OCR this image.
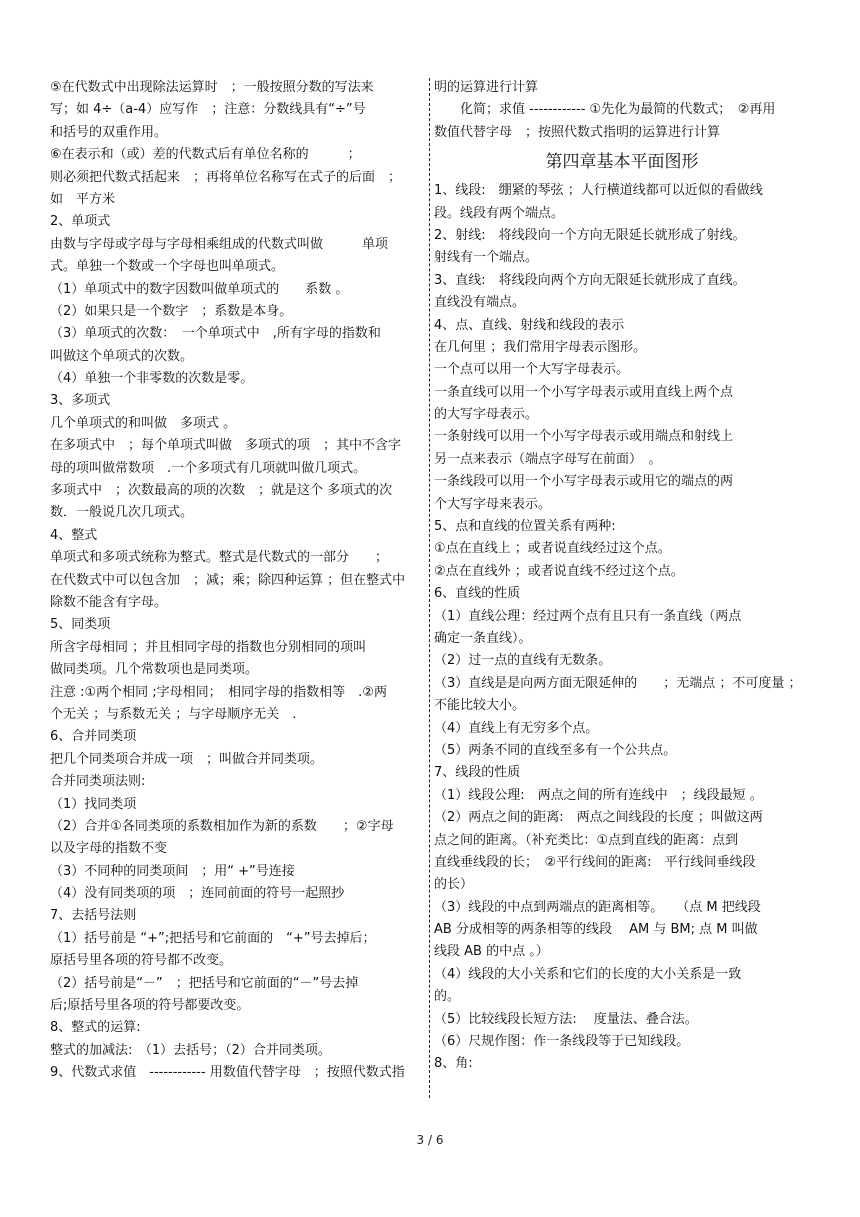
⑤在代数式中出现除法运算时　；一般按照分数的写法来
写；如 4÷（a-4）应写作　；注意：分数线具有“÷”号
和括号的双重作用。
⑥在表示和（或）差的代数式后有单位名称的　　　；
则必须把代数式括起来　；再将单位名称写在式子的后面　；
如　平方米
2、单项式
由数与字母或字母与字母相乘组成的代数式叫做　　　单项
式。单独一个数或一个字母也叫单项式。
（1）单项式中的数字因数叫做单项式的　　系数 。
（2）如果只是一个数字　；系数是本身。
（3）单项式的次数：　一个单项式中　,所有字母的指数和
叫做这个单项式的次数。
（4）单独一个非零数的次数是零。
3、多项式
几个单项式的和叫做　多项式 。
在多项式中　；每个单项式叫做　多项式的项　；其中不含字
母的项叫做常数项　.一个多项式有几项就叫做几项式。
多项式中　；次数最高的项的次数　；就是这个 多项式的次
数．一般说几次几项式。
4、整式
单项式和多项式统称为整式。整式是代数式的一部分　　；
在代数式中可以包含加　；减；乘；除四种运算 ；但在整式中
除数不能含有字母。
5、同类项
所含字母相同 ；并且相同字母的指数也分别相同的项叫
做同类项。几个常数项也是同类项。
注意 :①两个相同 ;字母相同；　相同字母的指数相等　.②两
个无关 ；与系数无关 ；与字母顺序无关　.
6、合并同类项
把几个同类项合并成一项　；叫做合并同类项。
合并同类项法则:
（1）找同类项
（2）合并①各同类项的系数相加作为新的系数　　；②字母
以及字母的指数不变
（3）不同种的同类项间　；用“ +”号连接
（4）没有同类项的项　；连同前面的符号一起照抄
7、去括号法则
（1）括号前是 “+”;把括号和它前面的　“+”号去掉后；
原括号里各项的符号都不改变。
（2）括号前是“－”　；把括号和它前面的“－”号去掉
后;原括号里各项的符号都要改变。
8、整式的运算:
整式的加减法:　（1）去括号；（2）合并同类项。
9、代数式求值　------------ 用数值代替字母　；按照代数式指
明的运算进行计算
　　化简；求值 ------------ ①先化为最简的代数式；　②再用
数值代替字母　；按照代数式指明的运算进行计算
第四章基本平面图形
1、线段:　绷紧的琴弦 ；人行横道线都可以近似的看做线
段。线段有两个端点。
2、射线:　将线段向一个方向无限延长就形成了射线。
射线有一个端点。
3、直线:　将线段向两个方向无限延长就形成了直线。
直线没有端点。
4、点、直线、射线和线段的表示
在几何里 ；我们常用字母表示图形。
一个点可以用一个大写字母表示。
一条直线可以用一个小写字母表示或用直线上两个点
的大写字母表示。
一条射线可以用一个小写字母表示或用端点和射线上
另一点来表示（端点字母写在前面）　。
一条线段可以用一个小写字母表示或用它的端点的两
个大写字母来表示。
5、点和直线的位置关系有两种:
①点在直线上 ；或者说直线经过这个点。
②点在直线外 ；或者说直线不经过这个点。
6、直线的性质
（1）直线公理：经过两个点有且只有一条直线（两点
确定一条直线）。
（2）过一点的直线有无数条。
（3）直线是是向两方面无限延伸的　　；无端点 ；不可度量 ；
不能比较大小。
（4）直线上有无穷多个点。
（5）两条不同的直线至多有一个公共点。
7、线段的性质
（1）线段公理:　两点之间的所有连线中　；线段最短 。
（2）两点之间的距离:　两点之间线段的长度 ；叫做这两
点之间的距离。（补充类比：①点到直线的距离：点到
直线垂线段的长；　②平行线间的距离:　平行线间垂线段
的长）
（3）线段的中点到两端点的距离相等。　　（点 M 把线段
AB 分成相等的两条相等的线段　 AM 与 BM; 点 M 叫做
线段 AB 的中点 。）
（4）线段的大小关系和它们的长度的大小关系是一致
的。
（5）比较线段长短方法:　 度量法、叠合法。
（6）尺规作图：作一条线段等于已知线段。
8、角:
3 / 6
